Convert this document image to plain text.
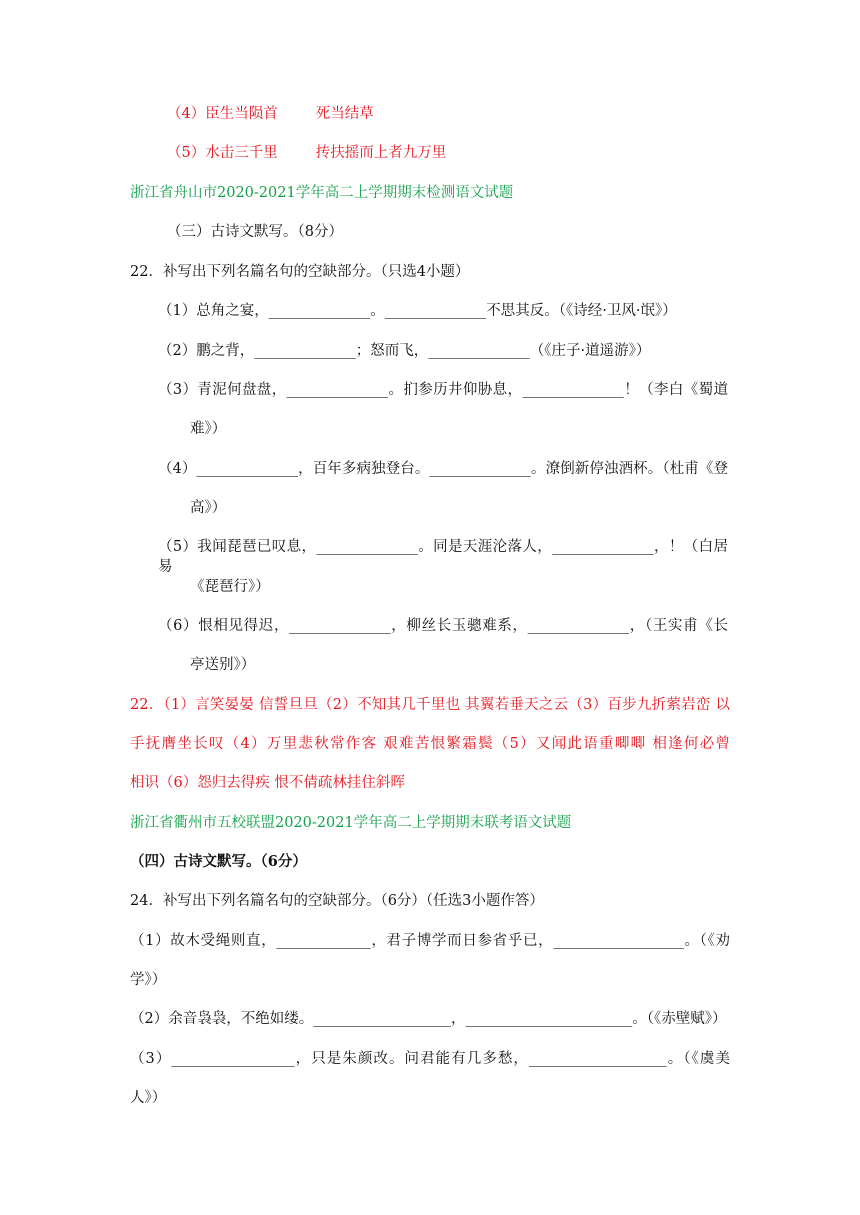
（4）臣生当陨首	死当结草
（5）水击三千里	抟扶摇而上者九万里
浙江省舟山市2020-2021学年高二上学期期末检测语文试题
（三）古诗文默写。（8分）
22．补写出下列名篇名句的空缺部分。（只选4小题）
（1）总角之宴，______________。______________不思其反。（《诗经·卫风·氓》）
（2）鹏之背，______________；怒而飞，______________（《庄子·道遥游》）
（3）青泥何盘盘，______________。扪参历井仰胁息，______________！（李白《蜀道
难》）
（4）______________，百年多病独登台。______________。潦倒新停浊酒杯。（杜甫《登
高》）
（5）我闻琵琶已叹息，______________。同是天涯沦落人，______________，！（白居易
《琵琶行》）
（6）恨相见得迟，______________，柳丝长玉骢难系，______________，（王实甫《长
亭送别》）
22．（1）言笑晏晏 信誓旦旦（2）不知其几千里也 其翼若垂天之云（3）百步九折萦岩峦 以
手抚膺坐长叹（4）万里悲秋常作客 艰难苦恨繁霜鬓（5）又闻此语重唧唧 相逢何必曾
相识（6）怨归去得疾 恨不倩疏林挂住斜晖
浙江省衢州市五校联盟2020-2021学年高二上学期期末联考语文试题
（四）古诗文默写。（6分）
24．补写出下列名篇名句的空缺部分。（6分）（任选3小题作答）
（1）故木受绳则直，_____________，君子博学而日参省乎已，__________________。（《劝
学》）
（2）余音袅袅，不绝如缕。___________________，_______________________。（《赤壁赋》）
（3）_________________，只是朱颜改。问君能有几多愁，___________________。（《虞美
人》）
